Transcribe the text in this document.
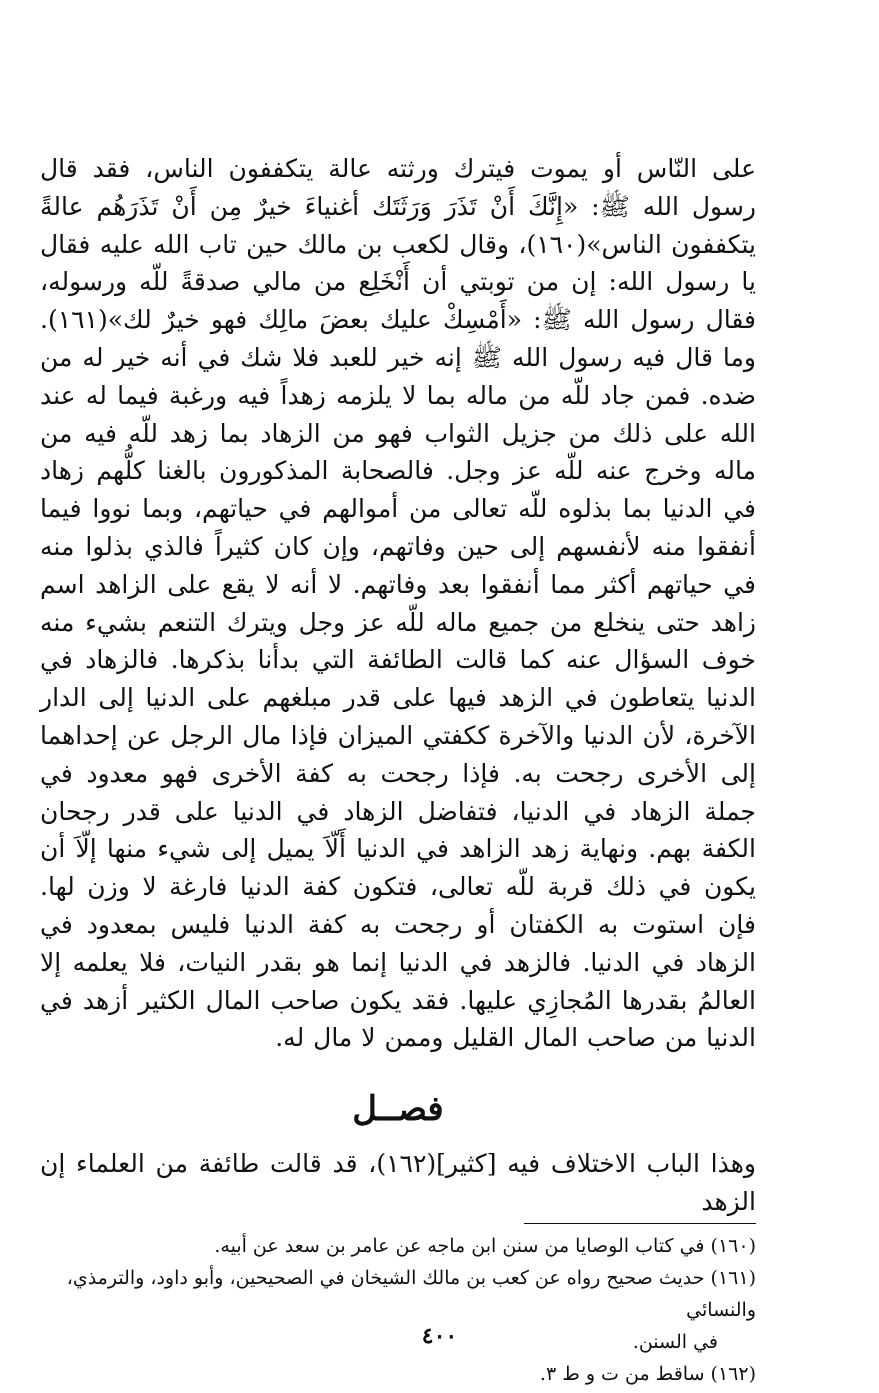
على النّاس أو يموت فيترك ورثته عالة يتكففون الناس، فقد قال رسول الله ﷺ: «إِنَّكَ أَنْ تَذَرَ وَرَثَتَك أغنياءَ خيرٌ مِن أَنْ تَذَرَهُم عالةً يتكففون الناس»(١٦٠)، وقال لكعب بن مالك حين تاب الله عليه فقال يا رسول الله: إن من توبتي أن أَنْخَلِع من مالي صدقةً للّه ورسوله، فقال رسول الله ﷺ: «أَمْسِكْ عليك بعضَ مالِك فهو خيرٌ لك»(١٦١). وما قال فيه رسول الله ﷺ إنه خير للعبد فلا شك في أنه خير له من ضده. فمن جاد للّه من ماله بما لا يلزمه زهداً فيه ورغبة فيما له عند الله على ذلك من جزيل الثواب فهو من الزهاد بما زهد للّه فيه من ماله وخرج عنه للّه عز وجل. فالصحابة المذكورون بالغنا كلُّهم زهاد في الدنيا بما بذلوه للّه تعالى من أموالهم في حياتهم، وبما نووا فيما أنفقوا منه لأنفسهم إلى حين وفاتهم، وإن كان كثيراً فالذي بذلوا منه في حياتهم أكثر مما أنفقوا بعد وفاتهم. لا أنه لا يقع على الزاهد اسم زاهد حتى ينخلع من جميع ماله للّه عز وجل ويترك التنعم بشيء منه خوف السؤال عنه كما قالت الطائفة التي بدأنا بذكرها. فالزهاد في الدنيا يتعاطون في الزهد فيها على قدر مبلغهم على الدنيا إلى الدار الآخرة، لأن الدنيا والآخرة ككفتي الميزان فإذا مال الرجل عن إحداهما إلى الأخرى رجحت به. فإذا رجحت به كفة الأخرى فهو معدود في جملة الزهاد في الدنيا، فتفاضل الزهاد في الدنيا على قدر رجحان الكفة بهم. ونهاية زهد الزاهد في الدنيا أَلّاَ يميل إلى شيء منها إلّاَ أن يكون في ذلك قربة للّه تعالى، فتكون كفة الدنيا فارغة لا وزن لها. فإن استوت به الكفتان أو رجحت به كفة الدنيا فليس بمعدود في الزهاد في الدنيا. فالزهد في الدنيا إنما هو بقدر النيات، فلا يعلمه إلا العالمُ بقدرها المُجازِي عليها. فقد يكون صاحب المال الكثير أزهد في الدنيا من صاحب المال القليل وممن لا مال له.

فصــل

وهذا الباب الاختلاف فيه [كثير](١٦٢)، قد قالت طائفة من العلماء إن الزهد

(١٦٠) في كتاب الوصايا من سنن ابن ماجه عن عامر بن سعد عن أبيه.

(١٦١) حديث صحيح رواه عن كعب بن مالك الشيخان في الصحيحين، وأبو داود، والترمذي، والنسائي
في السنن.

(١٦٢) ساقط من ت و ط ٣.

٤٠٠
